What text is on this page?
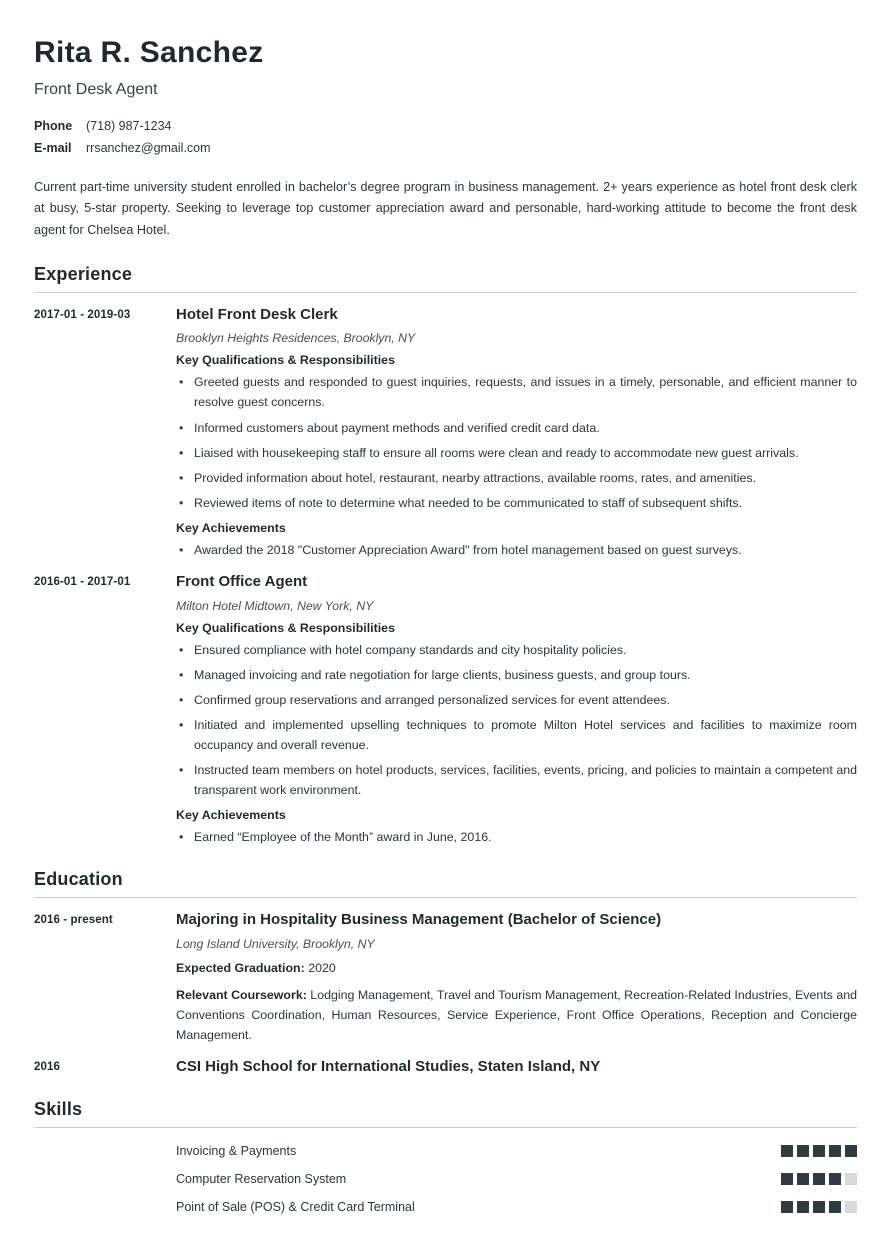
Rita R. Sanchez
Front Desk Agent
Phone	(718) 987-1234
E-mail	rrsanchez@gmail.com
Current part-time university student enrolled in bachelor’s degree program in business management. 2+ years experience as hotel front desk clerk at busy, 5-star property. Seeking to leverage top customer appreciation award and personable, hard-working attitude to become the front desk agent for Chelsea Hotel.
Experience
2017-01 - 2019-03	Hotel Front Desk Clerk
Brooklyn Heights Residences, Brooklyn, NY
Key Qualifications & Responsibilities
• Greeted guests and responded to guest inquiries, requests, and issues in a timely, personable, and efficient manner to resolve guest concerns.
• Informed customers about payment methods and verified credit card data.
• Liaised with housekeeping staff to ensure all rooms were clean and ready to accommodate new guest arrivals.
• Provided information about hotel, restaurant, nearby attractions, available rooms, rates, and amenities.
• Reviewed items of note to determine what needed to be communicated to staff of subsequent shifts.
Key Achievements
• Awarded the 2018 "Customer Appreciation Award" from hotel management based on guest surveys.
2016-01 - 2017-01	Front Office Agent
Milton Hotel Midtown, New York, NY
Key Qualifications & Responsibilities
• Ensured compliance with hotel company standards and city hospitality policies.
• Managed invoicing and rate negotiation for large clients, business guests, and group tours.
• Confirmed group reservations and arranged personalized services for event attendees.
• Initiated and implemented upselling techniques to promote Milton Hotel services and facilities to maximize room occupancy and overall revenue.
• Instructed team members on hotel products, services, facilities, events, pricing, and policies to maintain a competent and transparent work environment.
Key Achievements
• Earned “Employee of the Month” award in June, 2016.
Education
2016 - present	Majoring in Hospitality Business Management (Bachelor of Science)
Long Island University, Brooklyn, NY
Expected Graduation: 2020
Relevant Coursework: Lodging Management, Travel and Tourism Management, Recreation-Related Industries, Events and Conventions Coordination, Human Resources, Service Experience, Front Office Operations, Reception and Concierge Management.
2016	CSI High School for International Studies, Staten Island, NY
Skills
Invoicing & Payments
Computer Reservation System
Point of Sale (POS) & Credit Card Terminal
